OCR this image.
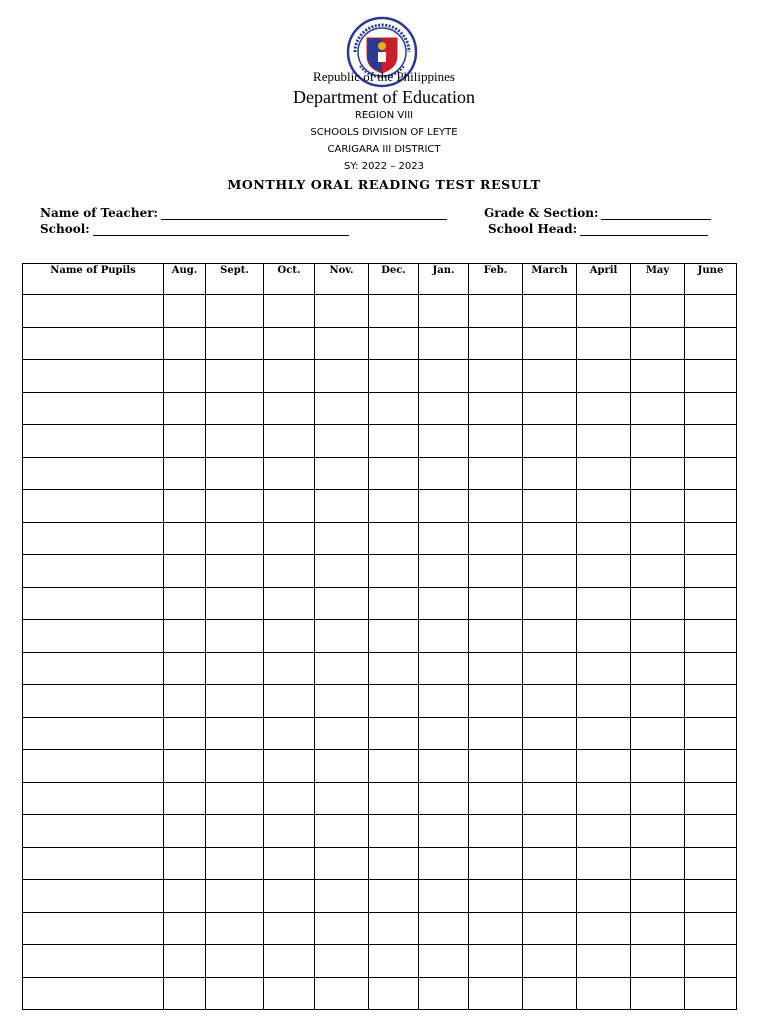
Republic of the Philippines
Department of Education
REGION VIII
SCHOOLS DIVISION OF LEYTE
CARIGARA III DISTRICT
SY: 2022 – 2023
MONTHLY ORAL READING TEST RESULT
Name of Teacher:	Grade & Section:
School:	School Head:
Name of Pupils	Aug.	Sept.	Oct.	Nov.	Dec.	Jan.	Feb.	March	April	May	June
